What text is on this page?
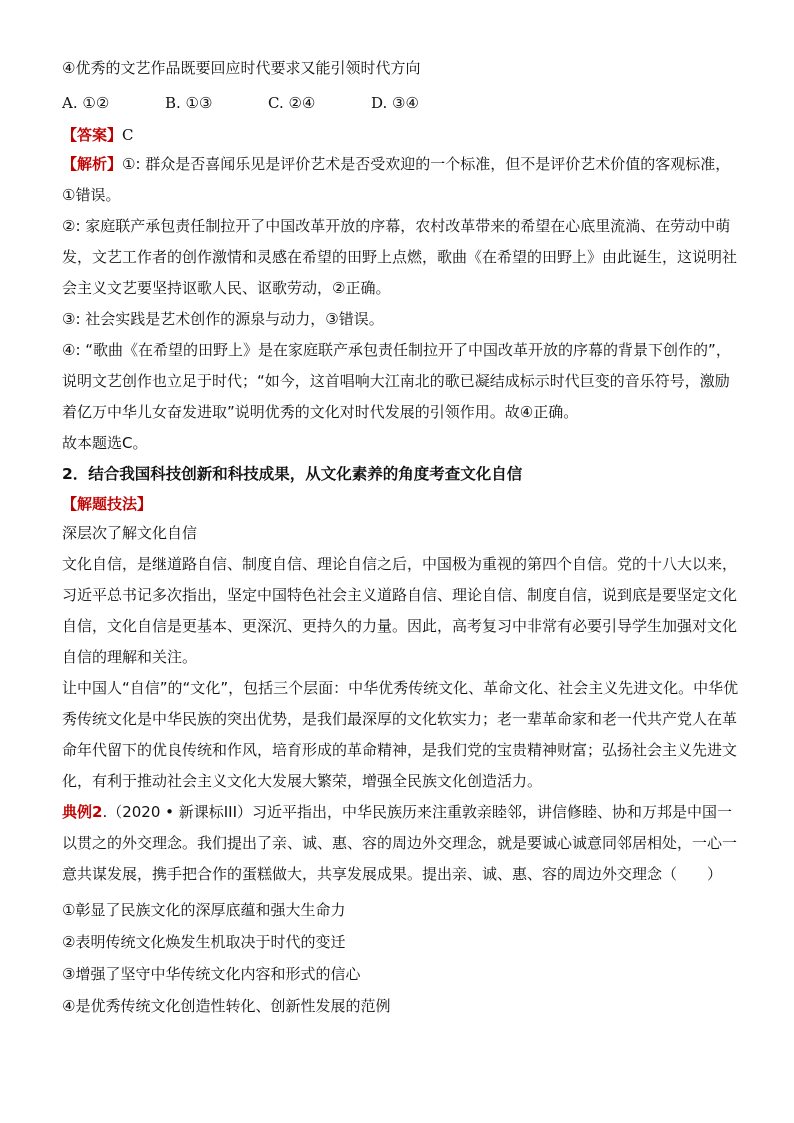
④优秀的文艺作品既要回应时代要求又能引领时代方向
A. ①②	B. ①③	C. ②④	D. ③④
【答案】C
【解析】①: 群众是否喜闻乐见是评价艺术是否受欢迎的一个标准，但不是评价艺术价值的客观标准，①错误。
②: 家庭联产承包责任制拉开了中国改革开放的序幕，农村改革带来的希望在心底里流淌、在劳动中萌发，文艺工作者的创作激情和灵感在希望的田野上点燃，歌曲《在希望的田野上》由此诞生，这说明社会主义文艺要坚持讴歌人民、讴歌劳动，②正确。
③: 社会实践是艺术创作的源泉与动力，③错误。
④: “歌曲《在希望的田野上》是在家庭联产承包责任制拉开了中国改革开放的序幕的背景下创作的”，说明文艺创作也立足于时代；“如今，这首唱响大江南北的歌已凝结成标示时代巨变的音乐符号，激励着亿万中华儿女奋发进取”说明优秀的文化对时代发展的引领作用。故④正确。
故本题选C。
2．结合我国科技创新和科技成果，从文化素养的角度考查文化自信
【解题技法】
深层次了解文化自信
文化自信，是继道路自信、制度自信、理论自信之后，中国极为重视的第四个自信。党的十八大以来，习近平总书记多次指出，坚定中国特色社会主义道路自信、理论自信、制度自信，说到底是要坚定文化自信，文化自信是更基本、更深沉、更持久的力量。因此，高考复习中非常有必要引导学生加强对文化自信的理解和关注。
让中国人“自信”的“文化”，包括三个层面：中华优秀传统文化、革命文化、社会主义先进文化。中华优秀传统文化是中华民族的突出优势，是我们最深厚的文化软实力；老一辈革命家和老一代共产党人在革命年代留下的优良传统和作风，培育形成的革命精神，是我们党的宝贵精神财富；弘扬社会主义先进文化，有利于推动社会主义文化大发展大繁荣，增强全民族文化创造活力。
典例2.（2020 • 新课标III）习近平指出，中华民族历来注重敦亲睦邻，讲信修睦、协和万邦是中国一以贯之的外交理念。我们提出了亲、诚、惠、容的周边外交理念，就是要诚心诚意同邻居相处，一心一意共谋发展，携手把合作的蛋糕做大，共享发展成果。提出亲、诚、惠、容的周边外交理念（　　）
①彰显了民族文化的深厚底蕴和强大生命力
②表明传统文化焕发生机取决于时代的变迁
③增强了坚守中华传统文化内容和形式的信心
④是优秀传统文化创造性转化、创新性发展的范例
